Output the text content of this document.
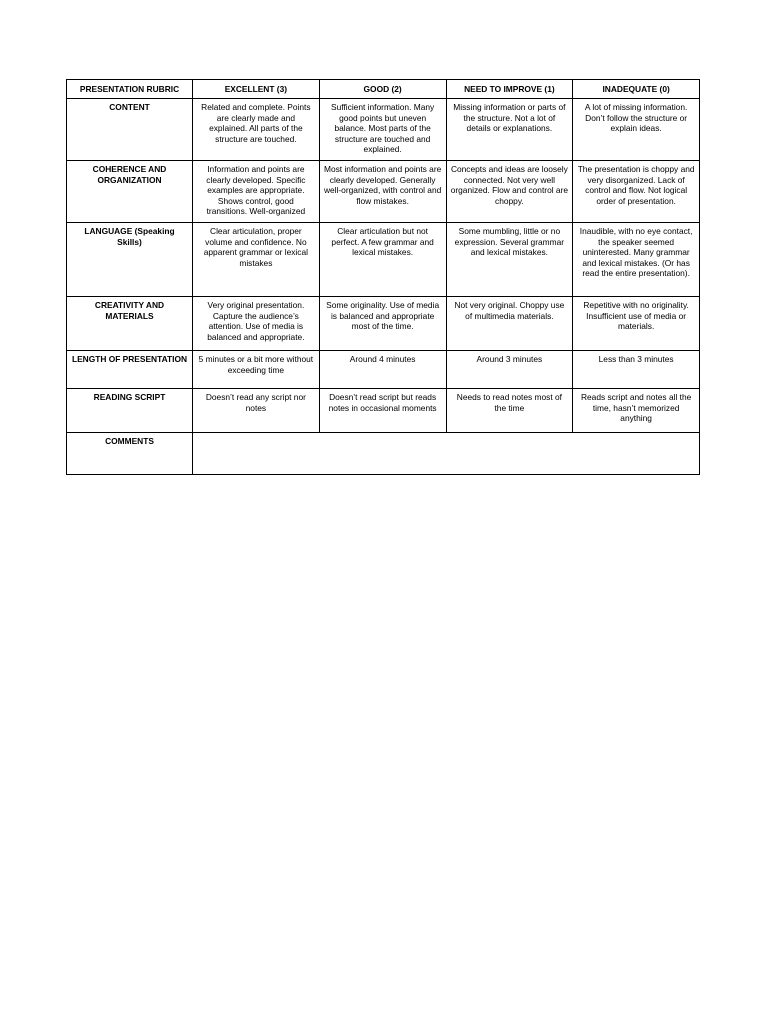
PRESENTATION RUBRIC	EXCELLENT (3)	GOOD (2)	NEED TO IMPROVE (1)	INADEQUATE (0)
CONTENT	Related and complete. Points are clearly made and explained. All parts of the structure are touched.	Sufficient information. Many good points but uneven balance. Most parts of the structure are touched and explained.	Missing information or parts of the structure. Not a lot of details or explanations.	A lot of missing information. Don’t follow the structure or explain ideas.
COHERENCE AND ORGANIZATION	Information and points are clearly developed. Specific examples are appropriate. Shows control, good transitions. Well-organized	Most information and points are clearly developed. Generally well-organized, with control and flow mistakes.	Concepts and ideas are loosely connected. Not very well organized. Flow and control are choppy.	The presentation is choppy and very disorganized. Lack of control and flow. Not logical order of presentation.
LANGUAGE (Speaking Skills)	Clear articulation, proper volume and confidence. No apparent grammar or lexical mistakes	Clear articulation but not perfect. A few grammar and lexical mistakes.	Some mumbling, little or no expression. Several grammar and lexical mistakes.	Inaudible, with no eye contact, the speaker seemed uninterested. Many grammar and lexical mistakes. (Or has read the entire presentation).
CREATIVITY AND MATERIALS	Very original presentation. Capture the audience’s attention. Use of media is balanced and appropriate.	Some originality. Use of media is balanced and appropriate most of the time.	Not very original. Choppy use of multimedia materials.	Repetitive with no originality. Insufficient use of media or materials.
LENGTH OF PRESENTATION	5 minutes or a bit more without exceeding time	Around 4 minutes	Around 3 minutes	Less than 3 minutes
READING SCRIPT	Doesn’t read any script nor notes	Doesn’t read script but reads notes in occasional moments	Needs to read notes most of the time	Reads script and notes all the time, hasn’t memorized anything
COMMENTS				
